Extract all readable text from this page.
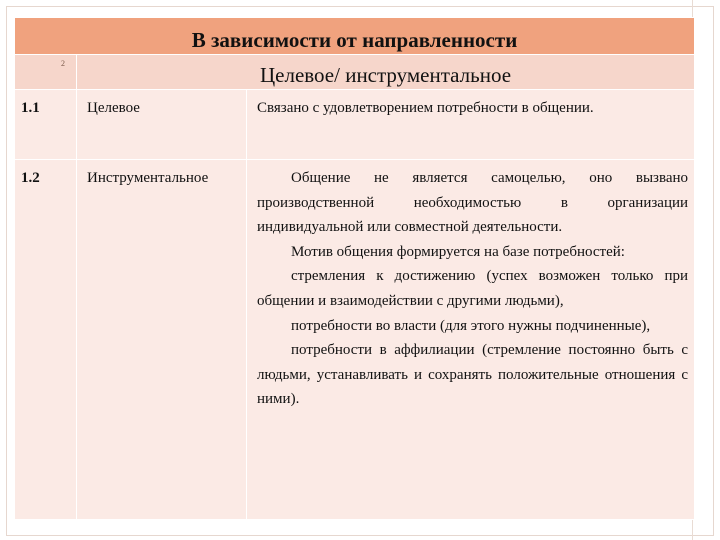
В зависимости от направленности		

2	Целевое/ инструментальное	

1.1	Целевое	Связано с удовлетворением потребности в общении.

1.2	Инструментальное	Общение не является самоцелью, оно вызвано производственной необходимостью в организации индивидуальной или совместной деятельности.

Мотив общения формируется на базе потребностей:

стремления к достижению (успех возможен только при общении и взаимодействии с другими людьми),

потребности во власти (для этого нужны подчиненные),

потребности в аффилиации (стремление постоянно быть с людьми, устанавливать и сохранять положительные отношения с ними).
